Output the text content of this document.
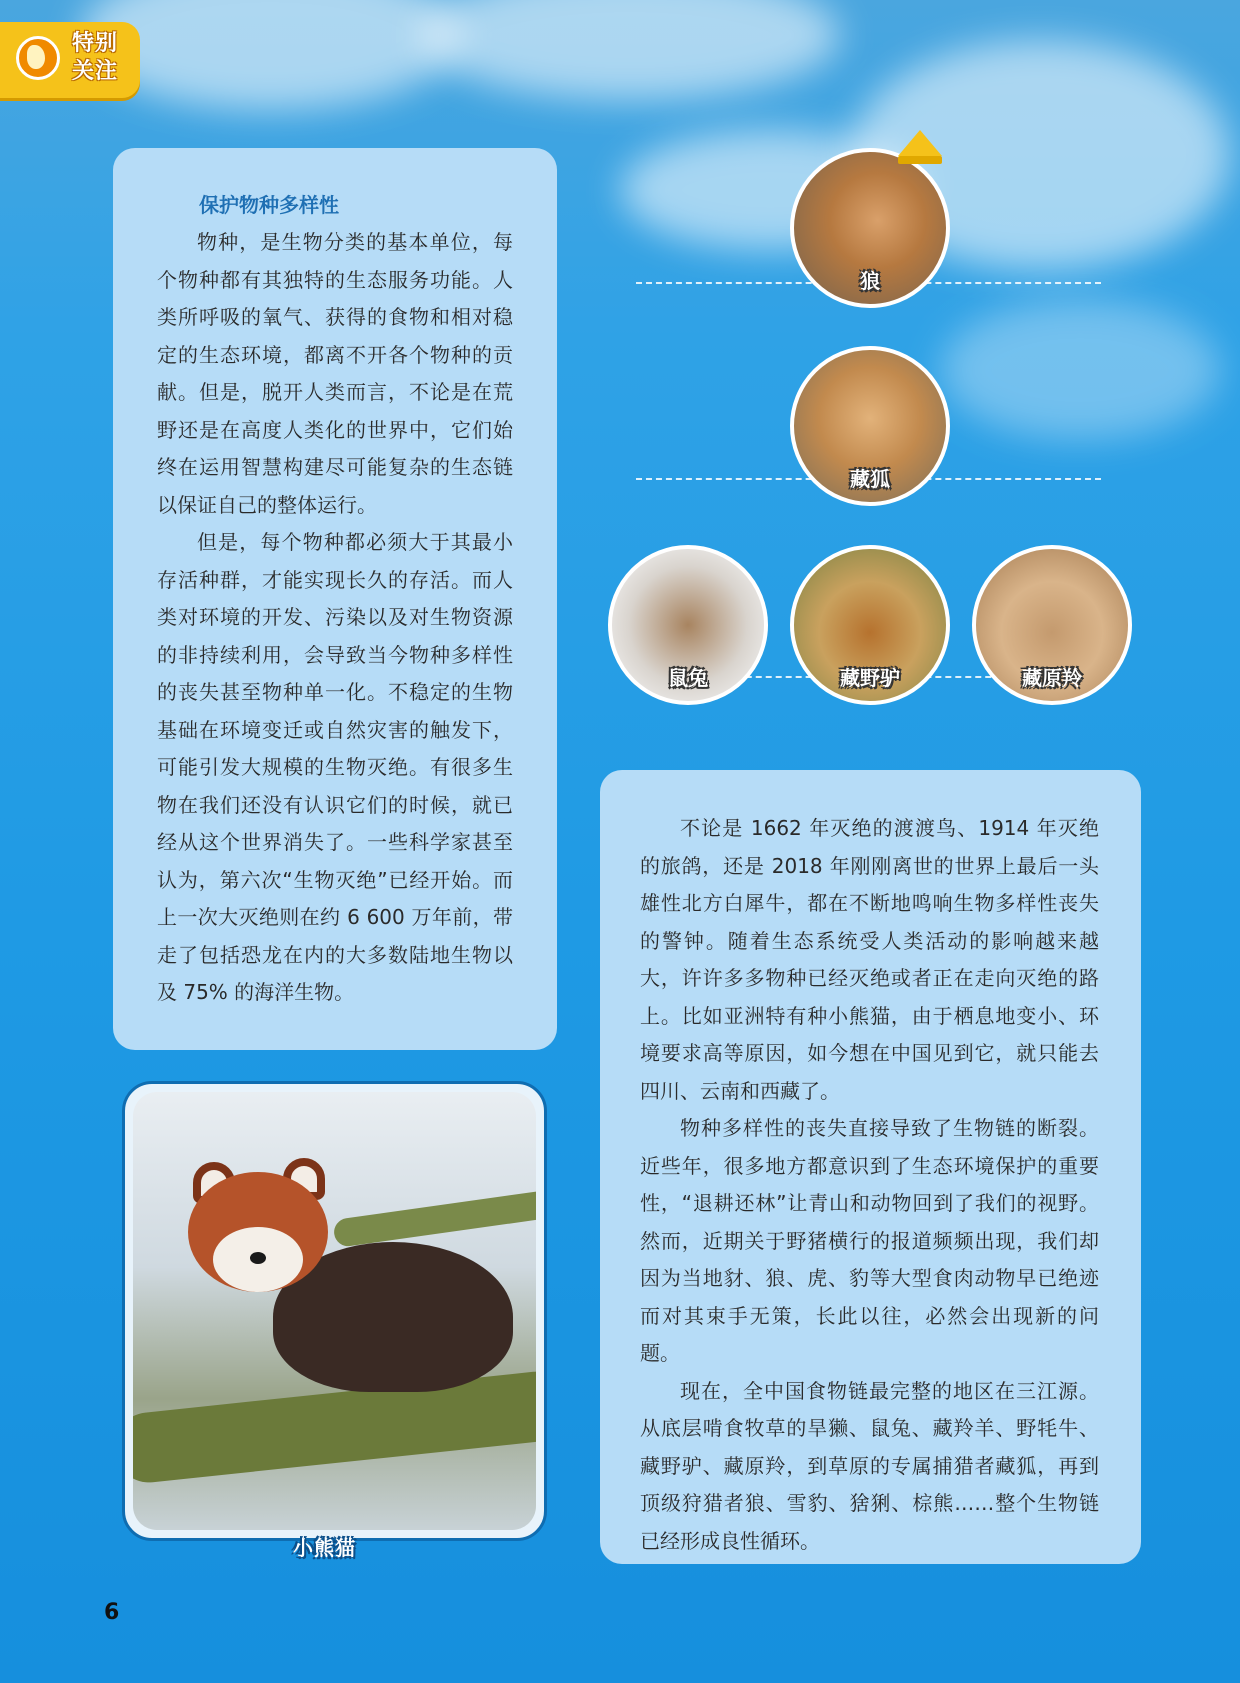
特别
关注
保护物种多样性

物种，是生物分类的基本单位，每个物种都有其独特的生态服务功能。人类所呼吸的氧气、获得的食物和相对稳定的生态环境，都离不开各个物种的贡献。但是，脱开人类而言，不论是在荒野还是在高度人类化的世界中，它们始终在运用智慧构建尽可能复杂的生态链以保证自己的整体运行。

但是，每个物种都必须大于其最小存活种群，才能实现长久的存活。而人类对环境的开发、污染以及对生物资源的非持续利用，会导致当今物种多样性的丧失甚至物种单一化。不稳定的生物基础在环境变迁或自然灾害的触发下，可能引发大规模的生物灭绝。有很多生物在我们还没有认识它们的时候，就已经从这个世界消失了。一些科学家甚至认为，第六次“生物灭绝”已经开始。而上一次大灭绝则在约 6 600 万年前，带走了包括恐龙在内的大多数陆地生物以及 75% 的海洋生物。

小熊猫
狼
藏狐
鼠兔	藏野驴	藏原羚

不论是 1662 年灭绝的渡渡鸟、1914 年灭绝的旅鸽，还是 2018 年刚刚离世的世界上最后一头雄性北方白犀牛，都在不断地鸣响生物多样性丧失的警钟。随着生态系统受人类活动的影响越来越大，许许多多物种已经灭绝或者正在走向灭绝的路上。比如亚洲特有种小熊猫，由于栖息地变小、环境要求高等原因，如今想在中国见到它，就只能去四川、云南和西藏了。

物种多样性的丧失直接导致了生物链的断裂。近些年，很多地方都意识到了生态环境保护的重要性，“退耕还林”让青山和动物回到了我们的视野。然而，近期关于野猪横行的报道频频出现，我们却因为当地豺、狼、虎、豹等大型食肉动物早已绝迹而对其束手无策，长此以往，必然会出现新的问题。

现在，全中国食物链最完整的地区在三江源。从底层啃食牧草的旱獭、鼠兔、藏羚羊、野牦牛、藏野驴、藏原羚，到草原的专属捕猎者藏狐，再到顶级狩猎者狼、雪豹、猞猁、棕熊……整个生物链已经形成良性循环。

6
